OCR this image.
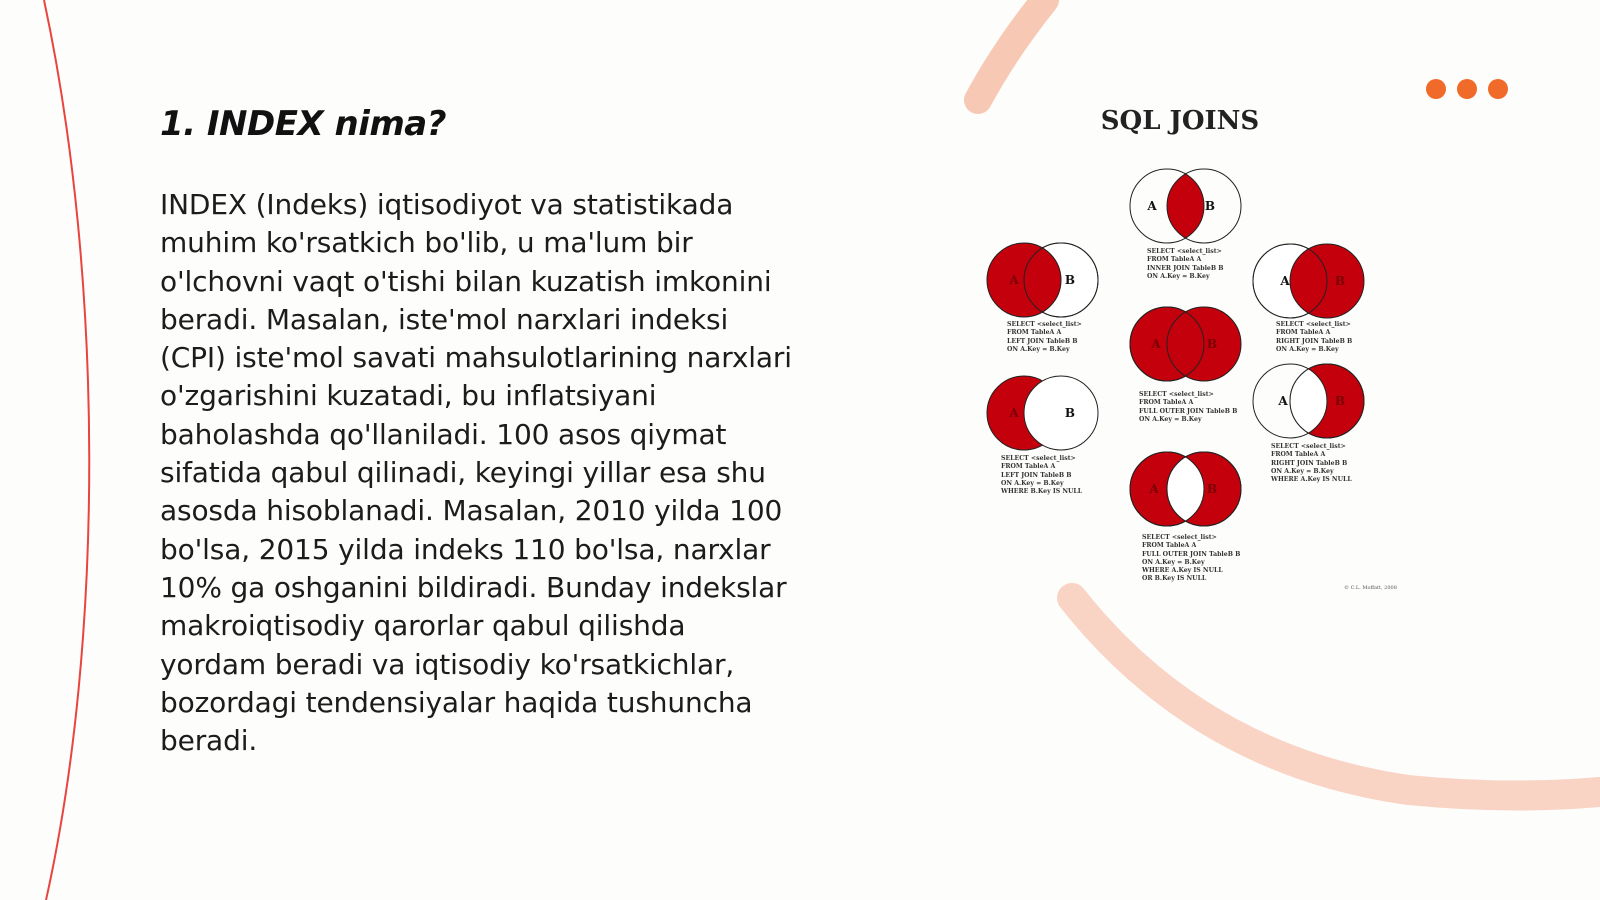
1. INDEX nima?
INDEX (Indeks) iqtisodiyot va statistikada
muhim ko'rsatkich bo'lib, u ma'lum bir
o'lchovni vaqt o'tishi bilan kuzatish imkonini
beradi. Masalan, iste'mol narxlari indeksi
(CPI) iste'mol savati mahsulotlarining narxlari
o'zgarishini kuzatadi, bu inflatsiyani
baholashda qo'llaniladi. 100 asos qiymat
sifatida qabul qilinadi, keyingi yillar esa shu
asosda hisoblanadi. Masalan, 2010 yilda 100
bo'lsa, 2015 yilda indeks 110 bo'lsa, narxlar
10% ga oshganini bildiradi. Bunday indekslar
makroiqtisodiy qarorlar qabul qilishda
yordam beradi va iqtisodiy ko'rsatkichlar,
bozordagi tendensiyalar haqida tushuncha
beradi.
SQL JOINS
A	B
A	B	A	B
A	B
A	B
A	B
A	B
SELECT <select_list>
FROM TableA A
INNER JOIN TableB B
ON A.Key = B.Key
SELECT <select_list>
FROM TableA A
LEFT JOIN TableB B
ON A.Key = B.Key
SELECT <select_list>
FROM TableA A
RIGHT JOIN TableB B
ON A.Key = B.Key
SELECT <select_list>
FROM TableA A
FULL OUTER JOIN TableB B
ON A.Key = B.Key
SELECT <select_list>
FROM TableA A
LEFT JOIN TableB B
ON A.Key = B.Key
WHERE B.Key IS NULL
SELECT <select_list>
FROM TableA A
RIGHT JOIN TableB B
ON A.Key = B.Key
WHERE A.Key IS NULL
SELECT <select_list>
FROM TableA A
FULL OUTER JOIN TableB B
ON A.Key = B.Key
WHERE A.Key IS NULL
OR B.Key IS NULL
© C.L. Moffatt, 2008
